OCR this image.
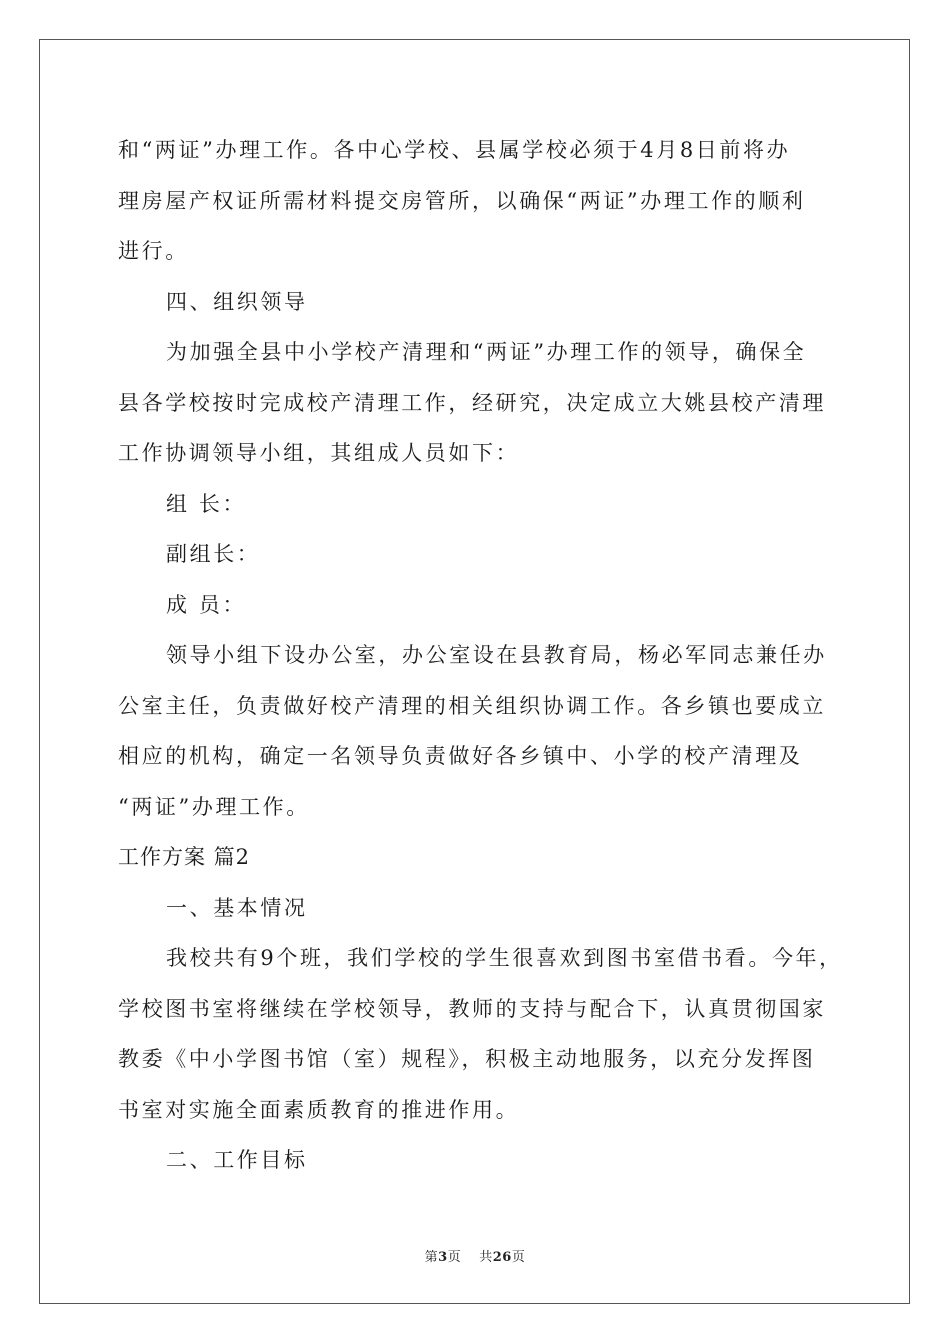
和“两证”办理工作。各中心学校、县属学校必须于4月8日前将办
理房屋产权证所需材料提交房管所，以确保“两证”办理工作的顺利
进行。
四、组织领导
为加强全县中小学校产清理和“两证”办理工作的领导，确保全
县各学校按时完成校产清理工作，经研究，决定成立大姚县校产清理
工作协调领导小组，其组成人员如下：
组 长：
副组长：
成 员：
领导小组下设办公室，办公室设在县教育局，杨必军同志兼任办
公室主任，负责做好校产清理的相关组织协调工作。各乡镇也要成立
相应的机构，确定一名领导负责做好各乡镇中、小学的校产清理及
“两证”办理工作。
工作方案 篇2
一、基本情况
我校共有9个班，我们学校的学生很喜欢到图书室借书看。今年，
学校图书室将继续在学校领导，教师的支持与配合下，认真贯彻国家
教委《中小学图书馆（室）规程》，积极主动地服务，以充分发挥图
书室对实施全面素质教育的推进作用。
二、工作目标
第3页 共26页
